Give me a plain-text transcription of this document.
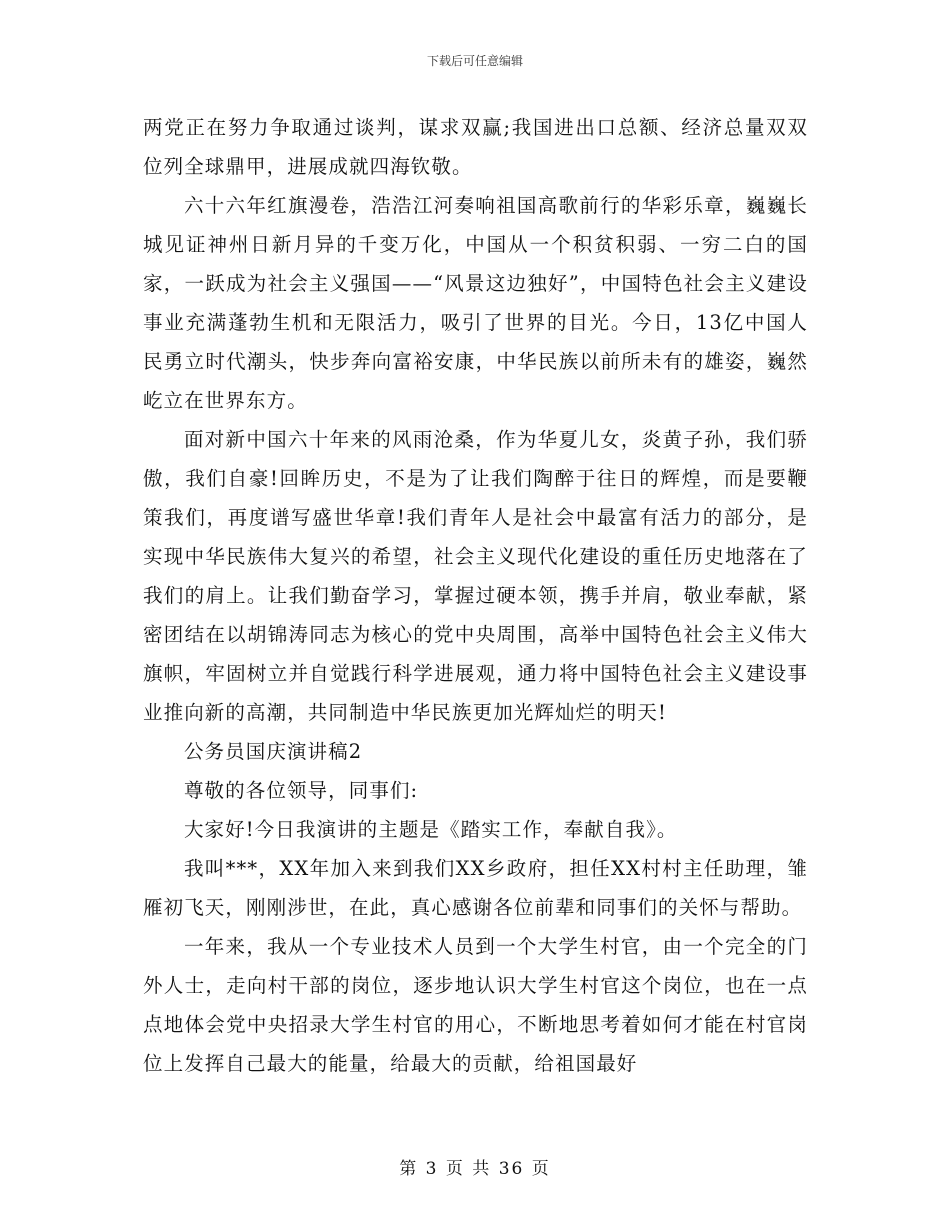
下载后可任意编辑

两党正在努力争取通过谈判，谋求双赢;我国进出口总额、经济总量双双位列全球鼎甲，进展成就四海钦敬。

六十六年红旗漫卷，浩浩江河奏响祖国高歌前行的华彩乐章，巍巍长城见证神州日新月异的千变万化，中国从一个积贫积弱、一穷二白的国家，一跃成为社会主义强国——“风景这边独好”，中国特色社会主义建设事业充满蓬勃生机和无限活力，吸引了世界的目光。今日，13亿中国人民勇立时代潮头，快步奔向富裕安康，中华民族以前所未有的雄姿，巍然屹立在世界东方。

面对新中国六十年来的风雨沧桑，作为华夏儿女，炎黄子孙，我们骄傲，我们自豪!回眸历史，不是为了让我们陶醉于往日的辉煌，而是要鞭策我们，再度谱写盛世华章!我们青年人是社会中最富有活力的部分，是实现中华民族伟大复兴的希望，社会主义现代化建设的重任历史地落在了我们的肩上。让我们勤奋学习，掌握过硬本领，携手并肩，敬业奉献，紧密团结在以胡锦涛同志为核心的党中央周围，高举中国特色社会主义伟大旗帜，牢固树立并自觉践行科学进展观，通力将中国特色社会主义建设事业推向新的高潮，共同制造中华民族更加光辉灿烂的明天!

公务员国庆演讲稿2

尊敬的各位领导，同事们:

大家好!今日我演讲的主题是《踏实工作，奉献自我》。

我叫***，XX年加入来到我们XX乡政府，担任XX村村主任助理，雏雁初飞天，刚刚涉世，在此，真心感谢各位前辈和同事们的关怀与帮助。

一年来，我从一个专业技术人员到一个大学生村官，由一个完全的门外人士，走向村干部的岗位，逐步地认识大学生村官这个岗位，也在一点点地体会党中央招录大学生村官的用心，不断地思考着如何才能在村官岗位上发挥自己最大的能量，给最大的贡献，给祖国最好

第 3 页 共 36 页
